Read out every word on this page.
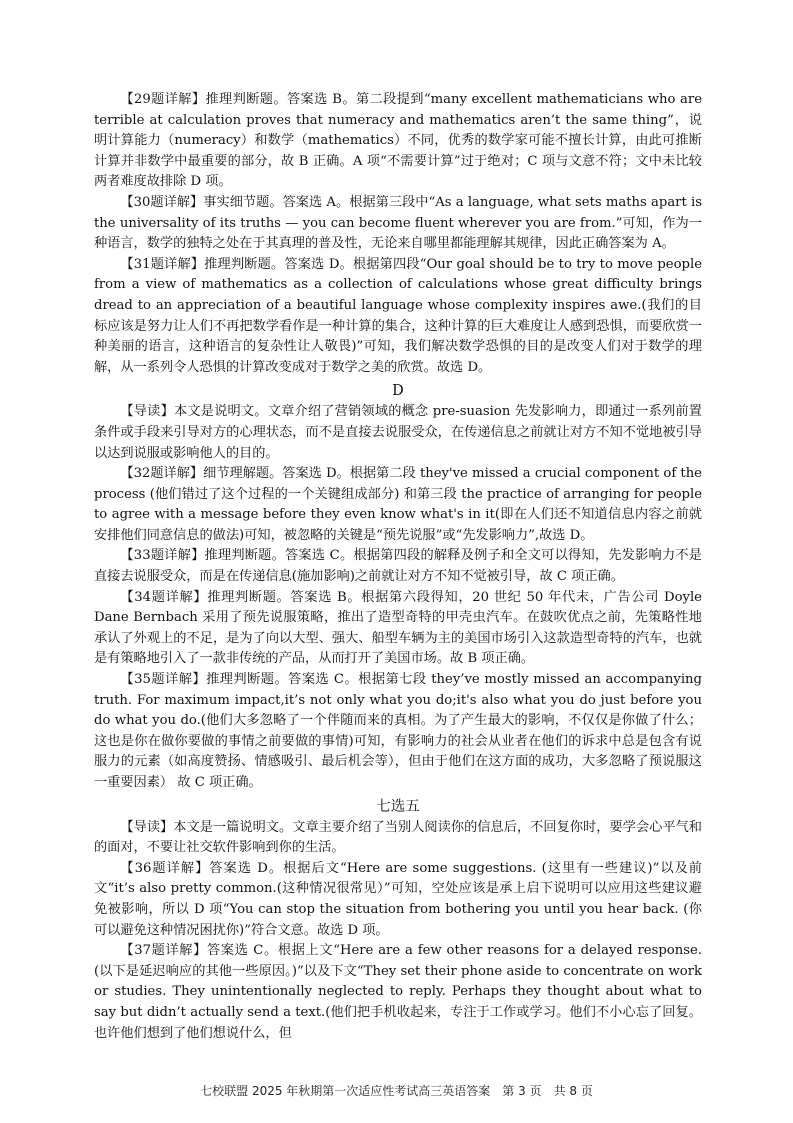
【29题详解】推理判断题。答案选 B。第二段提到“many excellent mathematicians who are terrible at calculation proves that numeracy and mathematics aren’t the same thing”，说明计算能力（numeracy）和数学（mathematics）不同，优秀的数学家可能不擅长计算，由此可推断计算并非数学中最重要的部分，故 B 正确。A 项“不需要计算”过于绝对；C 项与文意不符；文中未比较两者难度故排除 D 项。

【30题详解】事实细节题。答案选 A。根据第三段中“As a language, what sets maths apart is the universality of its truths — you can become fluent wherever you are from.”可知，作为一种语言，数学的独特之处在于其真理的普及性，无论来自哪里都能理解其规律，因此正确答案为 A。

【31题详解】推理判断题。答案选 D。根据第四段“Our goal should be to try to move people from a view of mathematics as a collection of calculations whose great difficulty brings dread to an appreciation of a beautiful language whose complexity inspires awe.(我们的目标应该是努力让人们不再把数学看作是一种计算的集合，这种计算的巨大难度让人感到恐惧，而要欣赏一种美丽的语言，这种语言的复杂性让人敬畏)”可知，我们解决数学恐惧的目的是改变人们对于数学的理解，从一系列令人恐惧的计算改变成对于数学之美的欣赏。故选 D。

D

【导读】本文是说明文。文章介绍了营销领域的概念 pre-suasion 先发影响力，即通过一系列前置条件或手段来引导对方的心理状态，而不是直接去说服受众，在传递信息之前就让对方不知不觉地被引导以达到说服或影响他人的目的。

【32题详解】细节理解题。答案选 D。根据第二段 they've missed a crucial component of the process (他们错过了这个过程的一个关键组成部分) 和第三段 the practice of arranging for people to agree with a message before they even know what's in it(即在人们还不知道信息内容之前就安排他们同意信息的做法)可知，被忽略的关键是“预先说服”或“先发影响力”,故选 D。

【33题详解】推理判断题。答案选 C。根据第四段的解释及例子和全文可以得知，先发影响力不是直接去说服受众，而是在传递信息(施加影响)之前就让对方不知不觉被引导，故 C 项正确。

【34题详解】推理判断题。答案选 B。根据第六段得知，20 世纪 50 年代末，广告公司 Doyle Dane Bernbach 采用了预先说服策略，推出了造型奇特的甲壳虫汽车。在鼓吹优点之前，先策略性地承认了外观上的不足，是为了向以大型、强大、船型车辆为主的美国市场引入这款造型奇特的汽车，也就是有策略地引入了一款非传统的产品，从而打开了美国市场。故 B 项正确。

【35题详解】推理判断题。答案选 C。根据第七段 they’ve mostly missed an accompanying truth. For maximum impact,it’s not only what you do;it's also what you do just before you do what you do.(他们大多忽略了一个伴随而来的真相。为了产生最大的影响，不仅仅是你做了什么；这也是你在做你要做的事情之前要做的事情)可知，有影响力的社会从业者在他们的诉求中总是包含有说服力的元素（如高度赞扬、情感吸引、最后机会等），但由于他们在这方面的成功，大多忽略了预说服这一重要因素） 故 C 项正确。

七选五

【导读】本文是一篇说明文。文章主要介绍了当别人阅读你的信息后，不回复你时，要学会心平气和的面对，不要让社交软件影响到你的生活。

【36题详解】答案选 D。根据后文“Here are some suggestions. (这里有一些建议)”以及前文“it’s also pretty common.(这种情况很常见）”可知，空处应该是承上启下说明可以应用这些建议避免被影响，所以 D 项“You can stop the situation from bothering you until you hear back. (你可以避免这种情况困扰你)”符合文意。故选 D 项。

【37题详解】答案选 C。根据上文“Here are a few other reasons for a delayed response. (以下是延迟响应的其他一些原因。)”以及下文“They set their phone aside to concentrate on work or studies. They unintentionally neglected to reply. Perhaps they thought about what to say but didn’t actually send a text.(他们把手机收起来，专注于工作或学习。他们不小心忘了回复。也许他们想到了他们想说什么，但

七校联盟 2025 年秋期第一次适应性考试高三英语答案　第 3 页　共 8 页
